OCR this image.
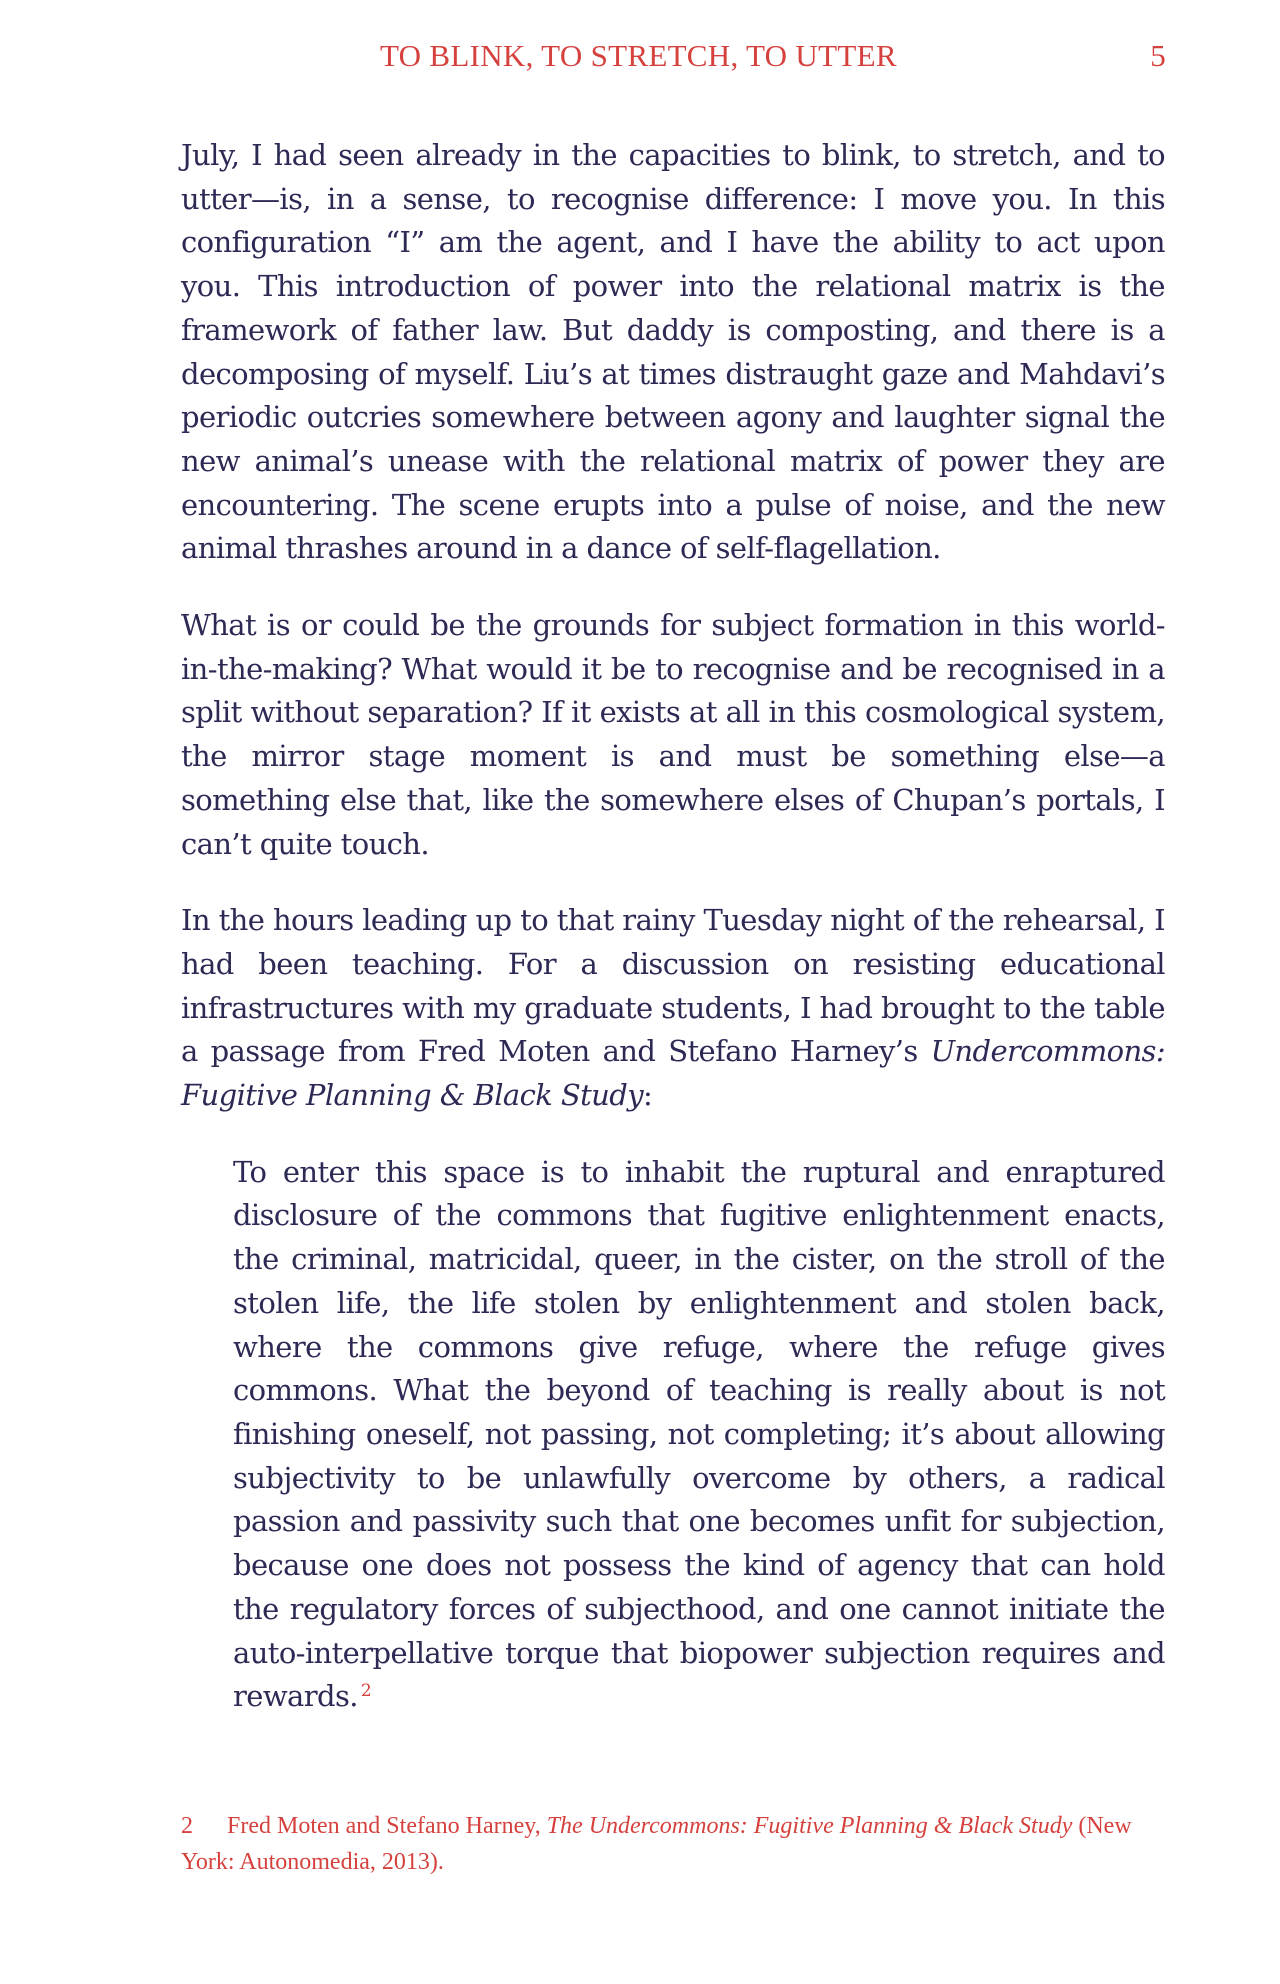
TO BLINK, TO STRETCH, TO UTTER	5

July, I had seen already in the capacities to blink, to stretch, and to utter—is, in a sense, to recognise difference: I move you. In this configuration “I” am the agent, and I have the ability to act upon you. This introduction of power into the relational matrix is the framework of father law. But daddy is composting, and there is a decomposing of myself. Liu’s at times distraught gaze and Mahdavi’s periodic outcries somewhere between agony and laughter signal the new animal’s unease with the relational matrix of power they are encountering. The scene erupts into a pulse of noise, and the new animal thrashes around in a dance of self-flagellation.

What is or could be the grounds for subject formation in this world-in-the-making? What would it be to recognise and be recognised in a split without separation? If it exists at all in this cosmological system, the mirror stage moment is and must be something else—a something else that, like the somewhere elses of Chupan’s portals, I can’t quite touch.

In the hours leading up to that rainy Tuesday night of the rehearsal, I had been teaching. For a discussion on resisting educational infrastructures with my graduate students, I had brought to the table a passage from Fred Moten and Stefano Harney’s Undercommons: Fugitive Planning & Black Study:

To enter this space is to inhabit the ruptural and enraptured disclosure of the commons that fugitive enlightenment enacts, the criminal, matricidal, queer, in the cister, on the stroll of the stolen life, the life stolen by enlightenment and stolen back, where the commons give refuge, where the refuge gives commons. What the beyond of teaching is really about is not finishing oneself, not passing, not completing; it’s about allowing subjectivity to be unlawfully overcome by others, a radical passion and passivity such that one becomes unfit for subjection, because one does not possess the kind of agency that can hold the regulatory forces of subjecthood, and one cannot initiate the auto-interpellative torque that biopower subjection requires and rewards. $^2$

2 Fred Moten and Stefano Harney, The Undercommons: Fugitive Planning & Black Study (New York: Autonomedia, 2013).
